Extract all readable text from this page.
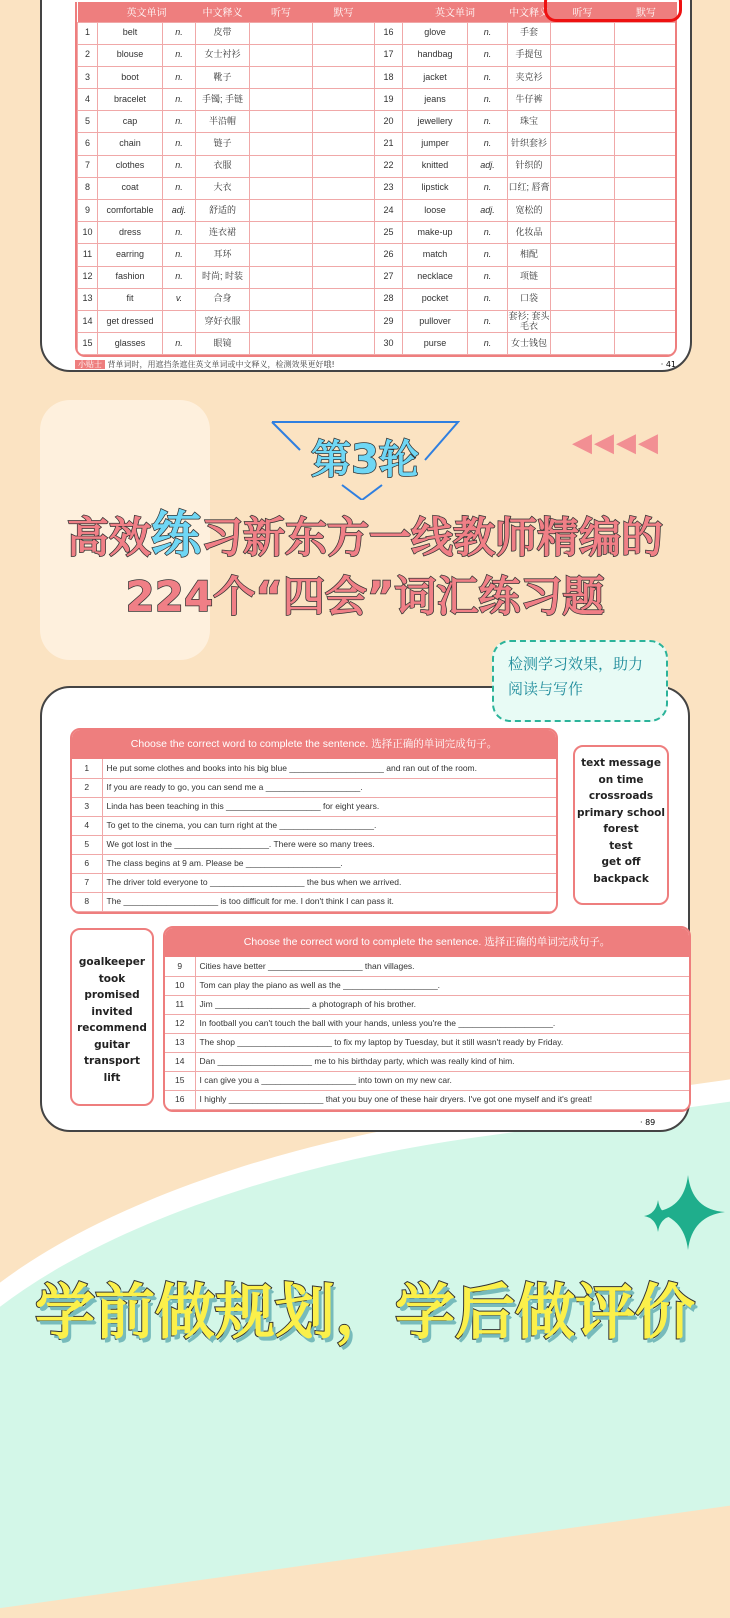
	英文单词		中文释义	听写	默写		英文单词		中文释义	听写	默写
1	belt	n.	皮带			16	glove	n.	手套		
2	blouse	n.	女士衬衫			17	handbag	n.	手提包		
3	boot	n.	靴子			18	jacket	n.	夹克衫		
4	bracelet	n.	手镯; 手链			19	jeans	n.	牛仔裤		
5	cap	n.	半沿帽			20	jewellery	n.	珠宝		
6	chain	n.	链子			21	jumper	n.	针织套衫		
7	clothes	n.	衣服			22	knitted	adj.	针织的		
8	coat	n.	大衣			23	lipstick	n.	口红; 唇膏		
9	comfortable	adj.	舒适的			24	loose	adj.	宽松的		
10	dress	n.	连衣裙			25	make-up	n.	化妆品		
11	earring	n.	耳环			26	match	n.	相配		
12	fashion	n.	时尚; 时装			27	necklace	n.	项链		
13	fit	v.	合身			28	pocket	n.	口袋		
14	get dressed		穿好衣服			29	pullover	n.	套衫; 套头毛衣		
15	glasses	n.	眼镜			30	purse	n.	女士钱包		
小贴士 背单词时，用遮挡条遮住英文单词或中文释义，检测效果更好哦!	· 41
第3轮	◀◀◀◀
高效练习新东方一线教师精编的
224个“四会”词汇练习题
检测学习效果，助力阅读与写作
Choose the correct word to complete the sentence. 选择正确的单词完成句子。
1	He put some clothes and books into his big blue ____________________ and ran out of the room.
2	If you are ready to go, you can send me a ____________________.
3	Linda has been teaching in this ____________________ for eight years.
4	To get to the cinema, you can turn right at the ____________________.
5	We got lost in the ____________________. There were so many trees.
6	The class begins at 9 am. Please be ____________________.
7	The driver told everyone to ____________________ the bus when we arrived.
8	The ____________________ is too difficult for me. I don't think I can pass it.
text message
on time
crossroads
primary school
forest
test
get off
backpack
goalkeeper
took
promised
invited
recommend
guitar
transport
lift
Choose the correct word to complete the sentence. 选择正确的单词完成句子。
9	Cities have better ____________________ than villages.
10	Tom can play the piano as well as the ____________________.
11	Jim ____________________ a photograph of his brother.
12	In football you can't touch the ball with your hands, unless you're the ____________________.
13	The shop ____________________ to fix my laptop by Tuesday, but it still wasn't ready by Friday.
14	Dan ____________________ me to his birthday party, which was really kind of him.
15	I can give you a ____________________ into town on my new car.
16	I highly ____________________ that you buy one of these hair dryers. I've got one myself and it's great!
· 89
学前做规划，学后做评价
